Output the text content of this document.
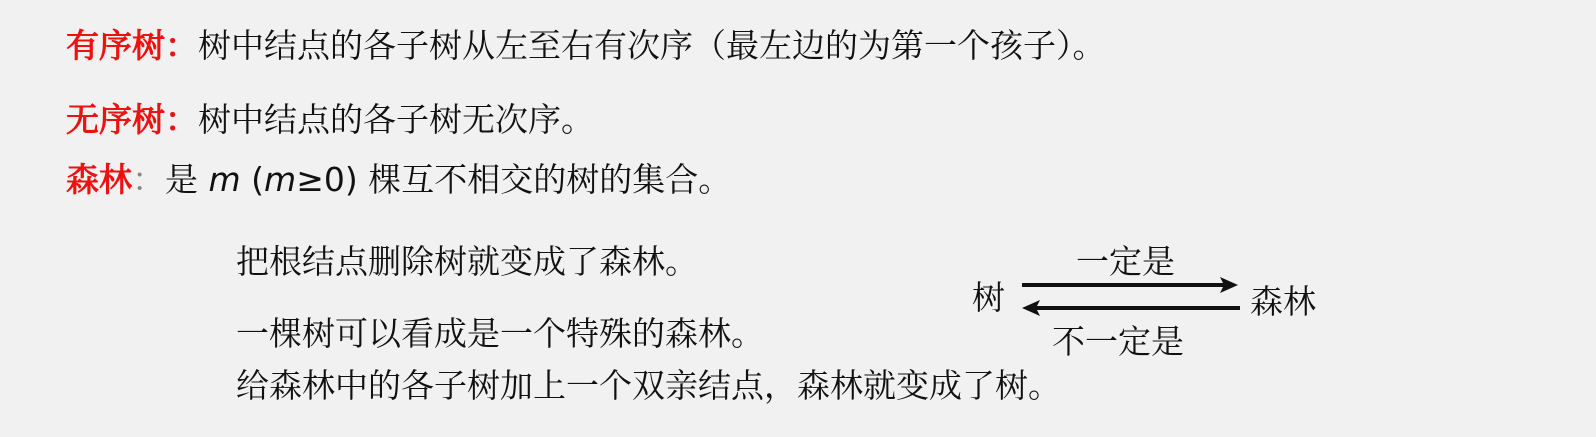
有序树：树中结点的各子树从左至右有次序（最左边的为第一个孩子）。
无序树：树中结点的各子树无次序。
森林：是 m (m≥0) 棵互不相交的树的集合。
把根结点删除树就变成了森林。
一棵树可以看成是一个特殊的森林。
给森林中的各子树加上一个双亲结点，森林就变成了树。
树	森林
一定是
不一定是
